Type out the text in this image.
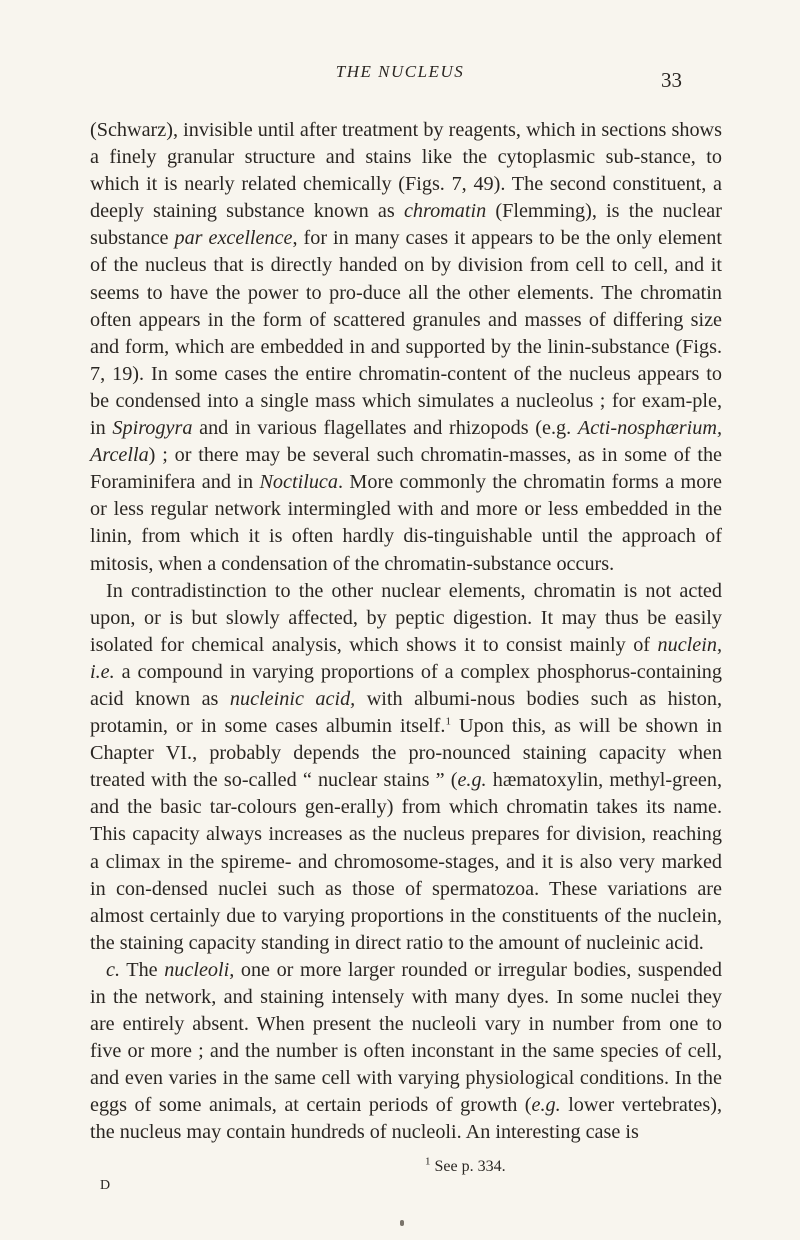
THE NUCLEUS	33

(Schwarz), invisible until after treatment by reagents, which in sections shows a finely granular structure and stains like the cytoplasmic sub-stance, to which it is nearly related chemically (Figs. 7, 49). The second constituent, a deeply staining substance known as chromatin (Flemming), is the nuclear substance par excellence, for in many cases it appears to be the only element of the nucleus that is directly handed on by division from cell to cell, and it seems to have the power to pro-duce all the other elements. The chromatin often appears in the form of scattered granules and masses of differing size and form, which are embedded in and supported by the linin-substance (Figs. 7, 19). In some cases the entire chromatin-content of the nucleus appears to be condensed into a single mass which simulates a nucleolus ; for exam-ple, in Spirogyra and in various flagellates and rhizopods (e.g. Acti-nosphærium, Arcella) ; or there may be several such chromatin-masses, as in some of the Foraminifera and in Noctiluca. More commonly the chromatin forms a more or less regular network intermingled with and more or less embedded in the linin, from which it is often hardly dis-tinguishable until the approach of mitosis, when a condensation of the chromatin-substance occurs.

In contradistinction to the other nuclear elements, chromatin is not acted upon, or is but slowly affected, by peptic digestion. It may thus be easily isolated for chemical analysis, which shows it to consist mainly of nuclein, i.e. a compound in varying proportions of a complex phosphorus-containing acid known as nucleinic acid, with albumi-nous bodies such as histon, protamin, or in some cases albumin itself.$^1$ Upon this, as will be shown in Chapter VI., probably depends the pro-nounced staining capacity when treated with the so-called “ nuclear stains ” (e.g. hæmatoxylin, methyl-green, and the basic tar-colours gen-erally) from which chromatin takes its name. This capacity always increases as the nucleus prepares for division, reaching a climax in the spireme- and chromosome-stages, and it is also very marked in con-densed nuclei such as those of spermatozoa. These variations are almost certainly due to varying proportions in the constituents of the nuclein, the staining capacity standing in direct ratio to the amount of nucleinic acid.

c. The nucleoli, one or more larger rounded or irregular bodies, suspended in the network, and staining intensely with many dyes. In some nuclei they are entirely absent. When present the nucleoli vary in number from one to five or more ; and the number is often inconstant in the same species of cell, and even varies in the same cell with varying physiological conditions. In the eggs of some animals, at certain periods of growth (e.g. lower vertebrates), the nucleus may contain hundreds of nucleoli. An interesting case is

$^1$ See p. 334.
D
